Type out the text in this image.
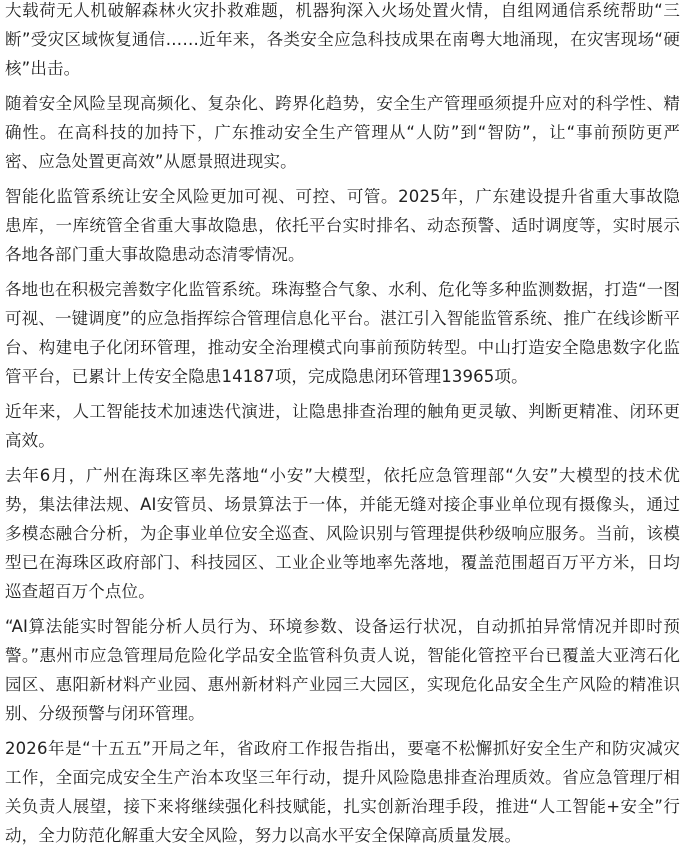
大载荷无人机破解森林火灾扑救难题，机器狗深入火场处置火情，自组网通信系统帮助“三断”受灾区域恢复通信……近年来，各类安全应急科技成果在南粤大地涌现，在灾害现场“硬核”出击。

随着安全风险呈现高频化、复杂化、跨界化趋势，安全生产管理亟须提升应对的科学性、精确性。在高科技的加持下，广东推动安全生产管理从“人防”到“智防”，让“事前预防更严密、应急处置更高效”从愿景照进现实。

智能化监管系统让安全风险更加可视、可控、可管。2025年，广东建设提升省重大事故隐患库，一库统管全省重大事故隐患，依托平台实时排名、动态预警、适时调度等，实时展示各地各部门重大事故隐患动态清零情况。

各地也在积极完善数字化监管系统。珠海整合气象、水利、危化等多种监测数据，打造“一图可视、一键调度”的应急指挥综合管理信息化平台。湛江引入智能监管系统、推广在线诊断平台、构建电子化闭环管理，推动安全治理模式向事前预防转型。中山打造安全隐患数字化监管平台，已累计上传安全隐患14187项，完成隐患闭环管理13965项。

近年来，人工智能技术加速迭代演进，让隐患排查治理的触角更灵敏、判断更精准、闭环更高效。

去年6月，广州在海珠区率先落地“小安”大模型，依托应急管理部“久安”大模型的技术优势，集法律法规、AI安管员、场景算法于一体，并能无缝对接企事业单位现有摄像头，通过多模态融合分析，为企事业单位安全巡查、风险识别与管理提供秒级响应服务。当前，该模型已在海珠区政府部门、科技园区、工业企业等地率先落地，覆盖范围超百万平方米，日均巡查超百万个点位。

“AI算法能实时智能分析人员行为、环境参数、设备运行状况，自动抓拍异常情况并即时预警。”惠州市应急管理局危险化学品安全监管科负责人说，智能化管控平台已覆盖大亚湾石化园区、惠阳新材料产业园、惠州新材料产业园三大园区，实现危化品安全生产风险的精准识别、分级预警与闭环管理。

2026年是“十五五”开局之年，省政府工作报告指出，要毫不松懈抓好安全生产和防灾减灾工作，全面完成安全生产治本攻坚三年行动，提升风险隐患排查治理质效。省应急管理厅相关负责人展望，接下来将继续强化科技赋能，扎实创新治理手段，推进“人工智能+安全”行动，全力防范化解重大安全风险，努力以高水平安全保障高质量发展。
